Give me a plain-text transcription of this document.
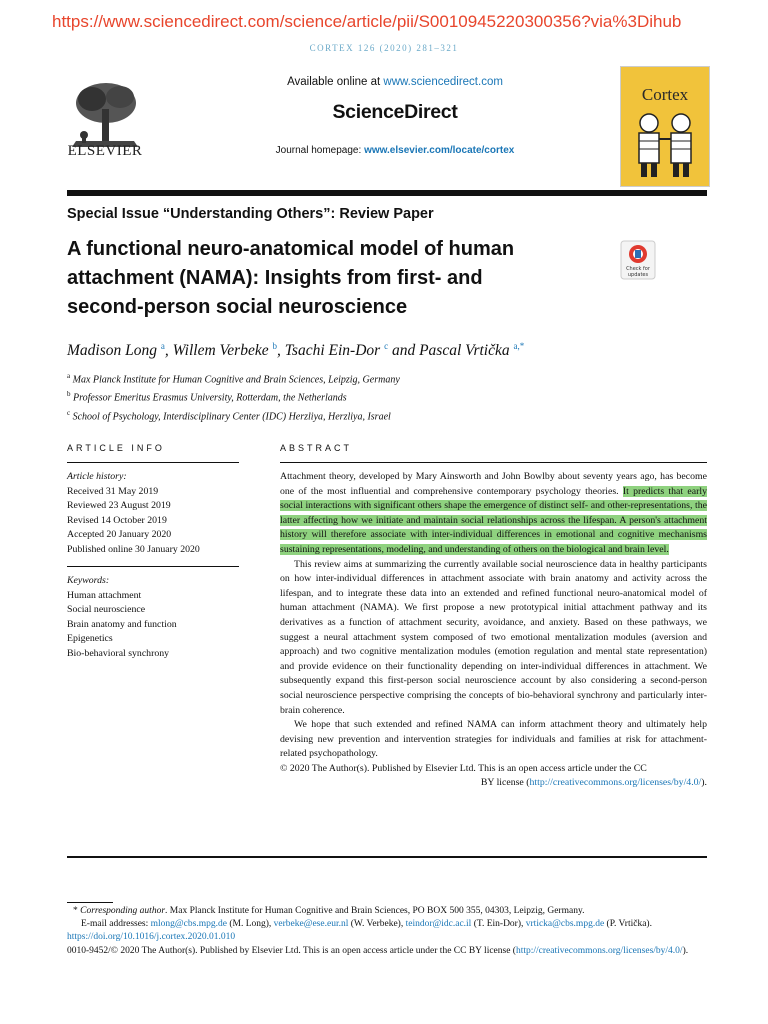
https://www.sciencedirect.com/science/article/pii/S0010945220300356?via%3Dihub
CORTEX 126 (2020) 281–321
ELSEVIER
Available online at www.sciencedirect.com
ScienceDirect
Journal homepage: www.elsevier.com/locate/cortex
Cortex
Special Issue “Understanding Others”: Review Paper
A functional neuro-anatomical model of human
attachment (NAMA): Insights from first- and
second-person social neuroscience
Check for
updates
Madison Long $^a$, Willem Verbeke $^b$, Tsachi Ein-Dor $^c$ and Pascal Vrtička $^{a,*}$
$^a$ Max Planck Institute for Human Cognitive and Brain Sciences, Leipzig, Germany
$^b$ Professor Emeritus Erasmus University, Rotterdam, the Netherlands
$^c$ School of Psychology, Interdisciplinary Center (IDC) Herzliya, Herzliya, Israel
ARTICLE INFO	ABSTRACT
Article history:
Received 31 May 2019
Reviewed 23 August 2019
Revised 14 October 2019
Accepted 20 January 2020
Published online 30 January 2020
Keywords:
Human attachment
Social neuroscience
Brain anatomy and function
Epigenetics
Bio-behavioral synchrony

Attachment theory, developed by Mary Ainsworth and John Bowlby about seventy years ago, has become one of the most influential and comprehensive contemporary psychology theories. It predicts that early social interactions with significant others shape the emergence of distinct self- and other-representations, the latter affecting how we initiate and maintain social relationships across the lifespan. A person's attachment history will therefore associate with inter-individual differences in emotional and cognitive mechanisms sustaining representations, modeling, and understanding of others on the biological and brain level.

This review aims at summarizing the currently available social neuroscience data in healthy participants on how inter-individual differences in attachment associate with brain anatomy and activity across the lifespan, and to integrate these data into an extended and refined functional neuro-anatomical model of human attachment (NAMA). We first propose a new prototypical initial attachment pathway and its derivatives as a function of attachment security, avoidance, and anxiety. Based on these pathways, we suggest a neural attachment system composed of two emotional mentalization modules (aversion and approach) and two cognitive mentalization modules (emotion regulation and mental state representation) and provide evidence on their functionality depending on inter-individual differences in attachment. We subsequently expand this first-person social neuroscience account by also considering a second-person social neuroscience perspective comprising the concepts of bio-behavioral synchrony and particularly inter-brain coherence.

We hope that such extended and refined NAMA can inform attachment theory and ultimately help devising new prevention and intervention strategies for individuals and families at risk for attachment-related psychopathology.

© 2020 The Author(s). Published by Elsevier Ltd. This is an open access article under the CC

BY license (http://creativecommons.org/licenses/by/4.0/).

* Corresponding author. Max Planck Institute for Human Cognitive and Brain Sciences, PO BOX 500 355, 04303, Leipzig, Germany.
E-mail addresses: mlong@cbs.mpg.de (M. Long), verbeke@ese.eur.nl (W. Verbeke), teindor@idc.ac.il (T. Ein-Dor), vrticka@cbs.mpg.de (P. Vrtička).
https://doi.org/10.1016/j.cortex.2020.01.010
0010-9452/© 2020 The Author(s). Published by Elsevier Ltd. This is an open access article under the CC BY license (http://creativecommons.org/licenses/by/4.0/).
